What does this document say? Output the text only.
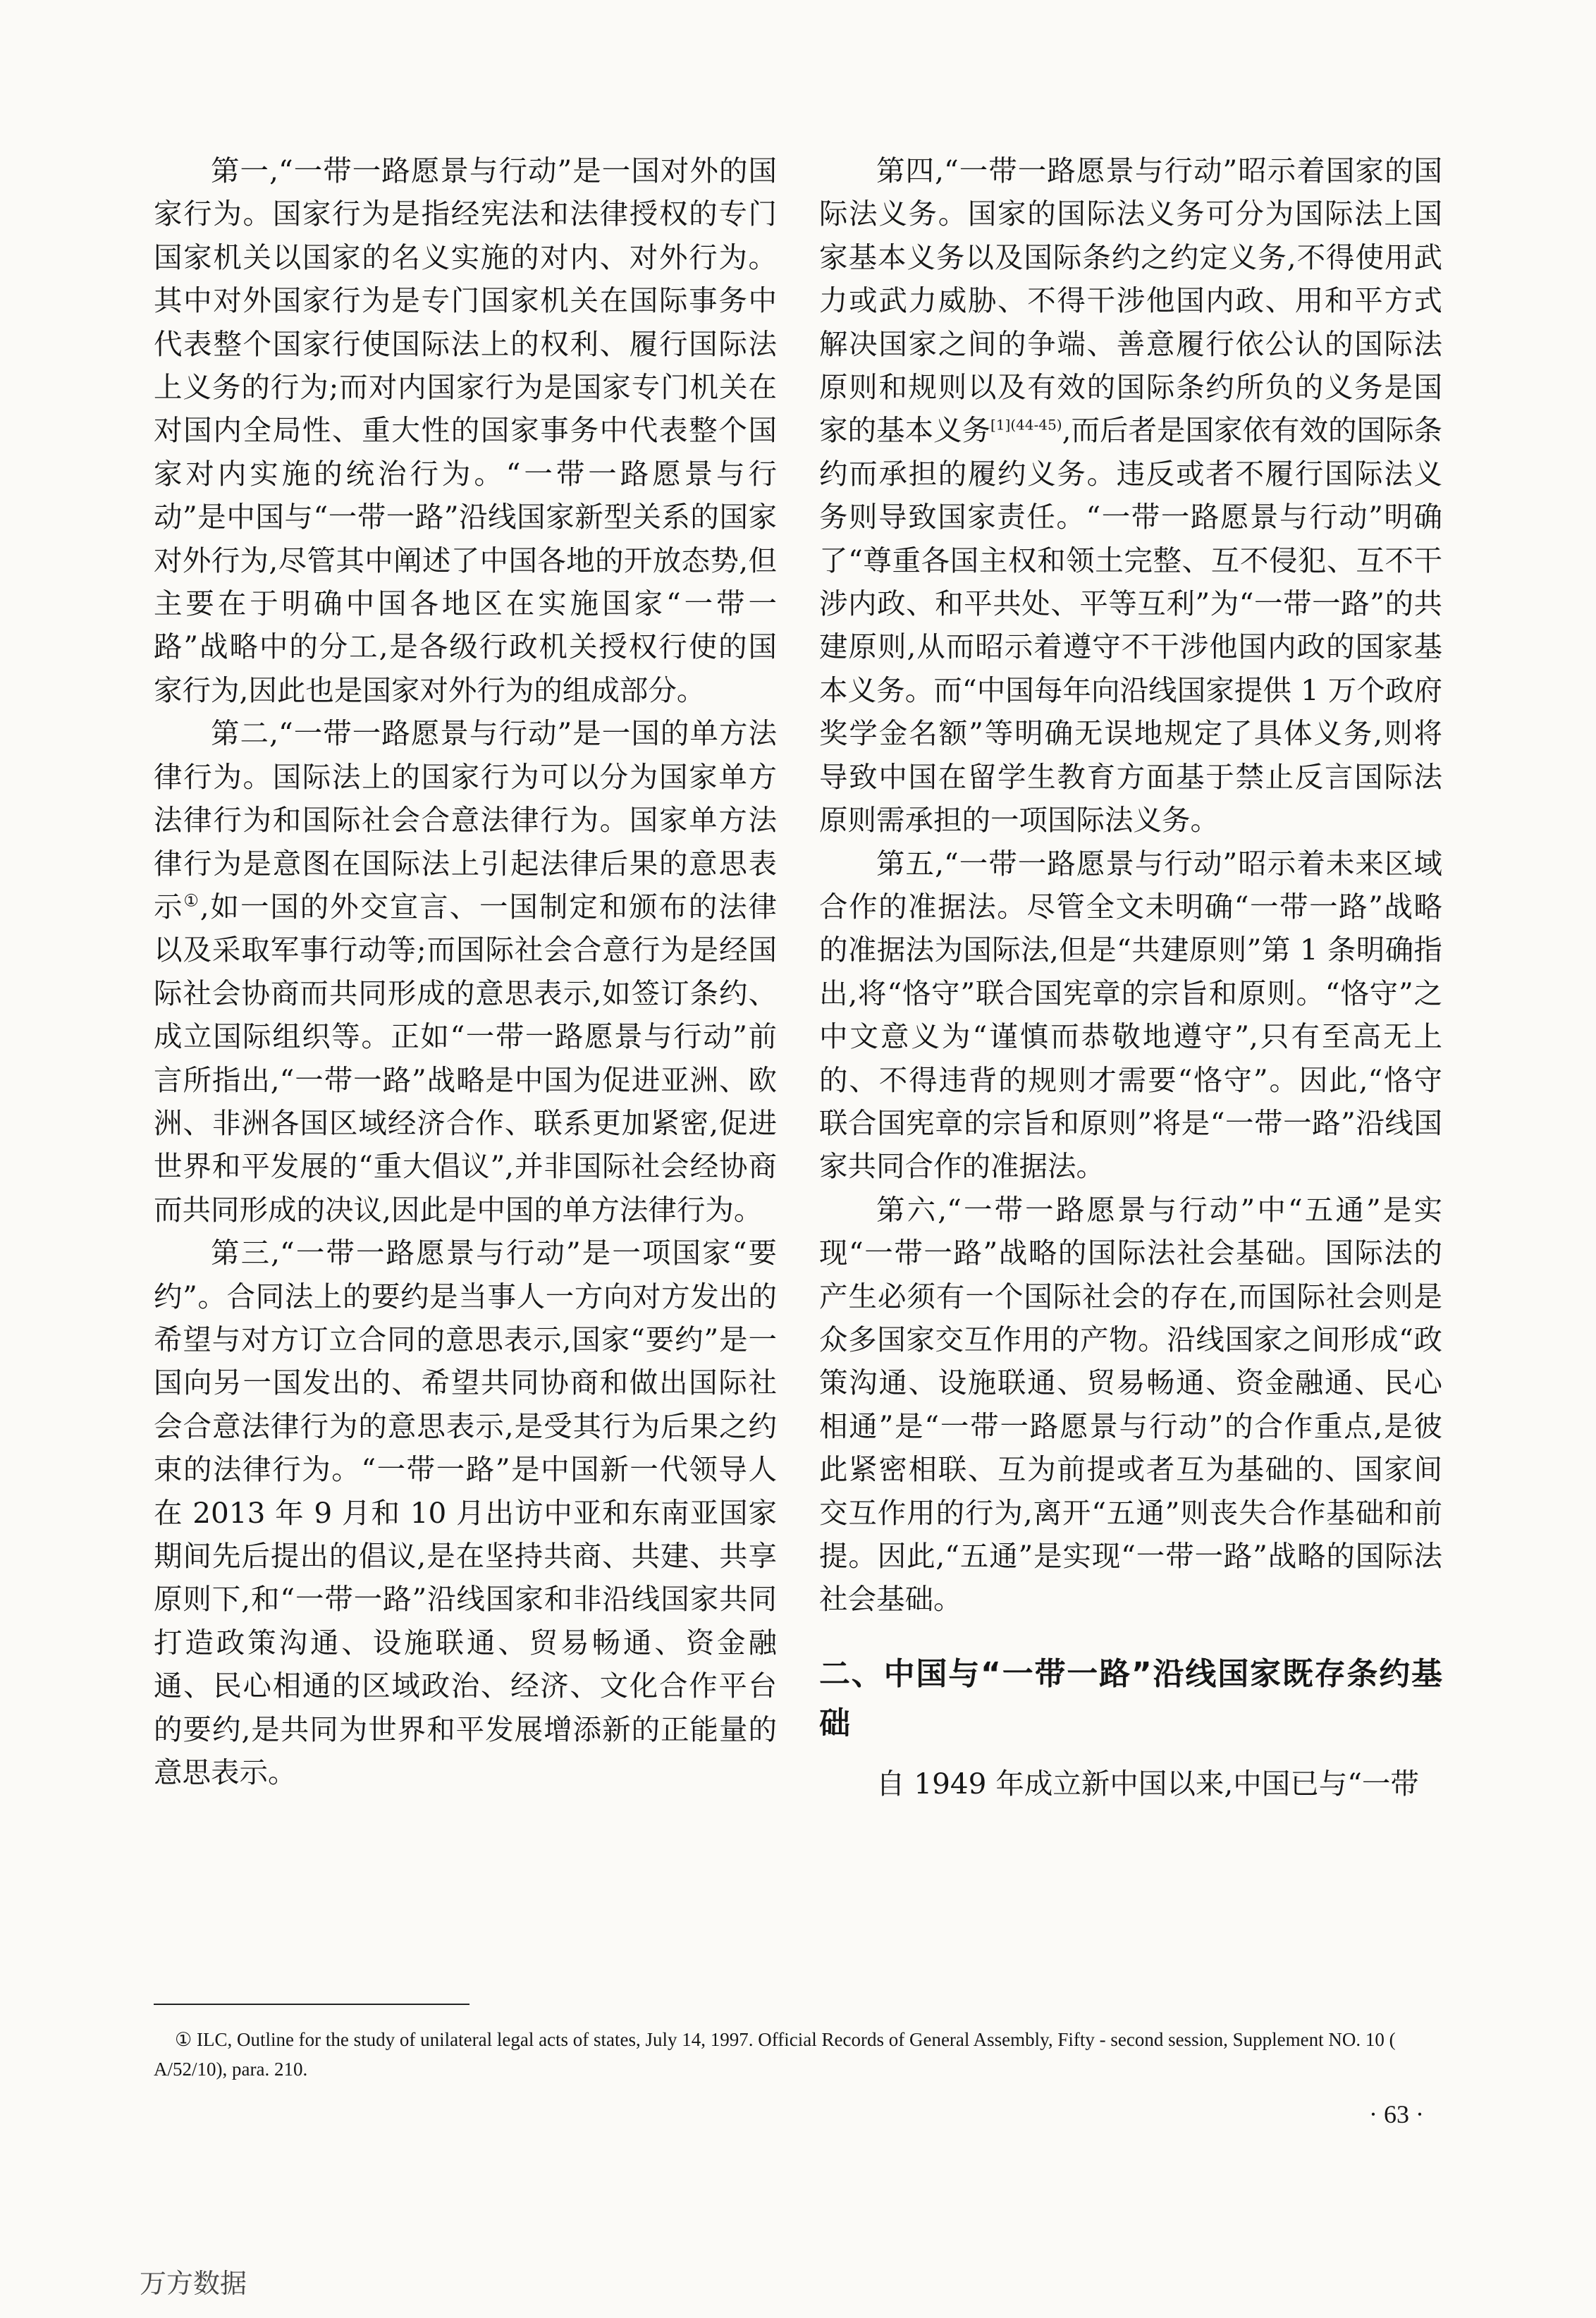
第一,“一带一路愿景与行动”是一国对外的国家行为。国家行为是指经宪法和法律授权的专门国家机关以国家的名义实施的对内、对外行为。其中对外国家行为是专门国家机关在国际事务中代表整个国家行使国际法上的权利、履行国际法上义务的行为;而对内国家行为是国家专门机关在对国内全局性、重大性的国家事务中代表整个国家对内实施的统治行为。“一带一路愿景与行动”是中国与“一带一路”沿线国家新型关系的国家对外行为,尽管其中阐述了中国各地的开放态势,但主要在于明确中国各地区在实施国家“一带一路”战略中的分工,是各级行政机关授权行使的国家行为,因此也是国家对外行为的组成部分。

第二,“一带一路愿景与行动”是一国的单方法律行为。国际法上的国家行为可以分为国家单方法律行为和国际社会合意法律行为。国家单方法律行为是意图在国际法上引起法律后果的意思表示①,如一国的外交宣言、一国制定和颁布的法律以及采取军事行动等;而国际社会合意行为是经国际社会协商而共同形成的意思表示,如签订条约、成立国际组织等。正如“一带一路愿景与行动”前言所指出,“一带一路”战略是中国为促进亚洲、欧洲、非洲各国区域经济合作、联系更加紧密,促进世界和平发展的“重大倡议”,并非国际社会经协商而共同形成的决议,因此是中国的单方法律行为。

第三,“一带一路愿景与行动”是一项国家“要约”。合同法上的要约是当事人一方向对方发出的希望与对方订立合同的意思表示,国家“要约”是一国向另一国发出的、希望共同协商和做出国际社会合意法律行为的意思表示,是受其行为后果之约束的法律行为。“一带一路”是中国新一代领导人在 2013 年 9 月和 10 月出访中亚和东南亚国家期间先后提出的倡议,是在坚持共商、共建、共享原则下,和“一带一路”沿线国家和非沿线国家共同打造政策沟通、设施联通、贸易畅通、资金融通、民心相通的区域政治、经济、文化合作平台的要约,是共同为世界和平发展增添新的正能量的意思表示。

第四,“一带一路愿景与行动”昭示着国家的国际法义务。国家的国际法义务可分为国际法上国家基本义务以及国际条约之约定义务,不得使用武力或武力威胁、不得干涉他国内政、用和平方式解决国家之间的争端、善意履行依公认的国际法原则和规则以及有效的国际条约所负的义务是国家的基本义务$^{[1](44-45)}$,而后者是国家依有效的国际条约而承担的履约义务。违反或者不履行国际法义务则导致国家责任。“一带一路愿景与行动”明确了“尊重各国主权和领土完整、互不侵犯、互不干涉内政、和平共处、平等互利”为“一带一路”的共建原则,从而昭示着遵守不干涉他国内政的国家基本义务。而“中国每年向沿线国家提供 1 万个政府奖学金名额”等明确无误地规定了具体义务,则将导致中国在留学生教育方面基于禁止反言国际法原则需承担的一项国际法义务。

第五,“一带一路愿景与行动”昭示着未来区域合作的准据法。尽管全文未明确“一带一路”战略的准据法为国际法,但是“共建原则”第 1 条明确指出,将“恪守”联合国宪章的宗旨和原则。“恪守”之中文意义为“谨慎而恭敬地遵守”,只有至高无上的、不得违背的规则才需要“恪守”。因此,“恪守联合国宪章的宗旨和原则”将是“一带一路”沿线国家共同合作的准据法。

第六,“一带一路愿景与行动”中“五通”是实现“一带一路”战略的国际法社会基础。国际法的产生必须有一个国际社会的存在,而国际社会则是众多国家交互作用的产物。沿线国家之间形成“政策沟通、设施联通、贸易畅通、资金融通、民心相通”是“一带一路愿景与行动”的合作重点,是彼此紧密相联、互为前提或者互为基础的、国家间交互作用的行为,离开“五通”则丧失合作基础和前提。因此,“五通”是实现“一带一路”战略的国际法社会基础。

二、中国与“一带一路”沿线国家既存条约基础

自 1949 年成立新中国以来,中国已与“一带

① ILC, Outline for the study of unilateral legal acts of states, July 14, 1997. Official Records of General Assembly, Fifty - second session, Supplement NO. 10 ( A/52/10), para. 210.
· 63 ·
万方数据
